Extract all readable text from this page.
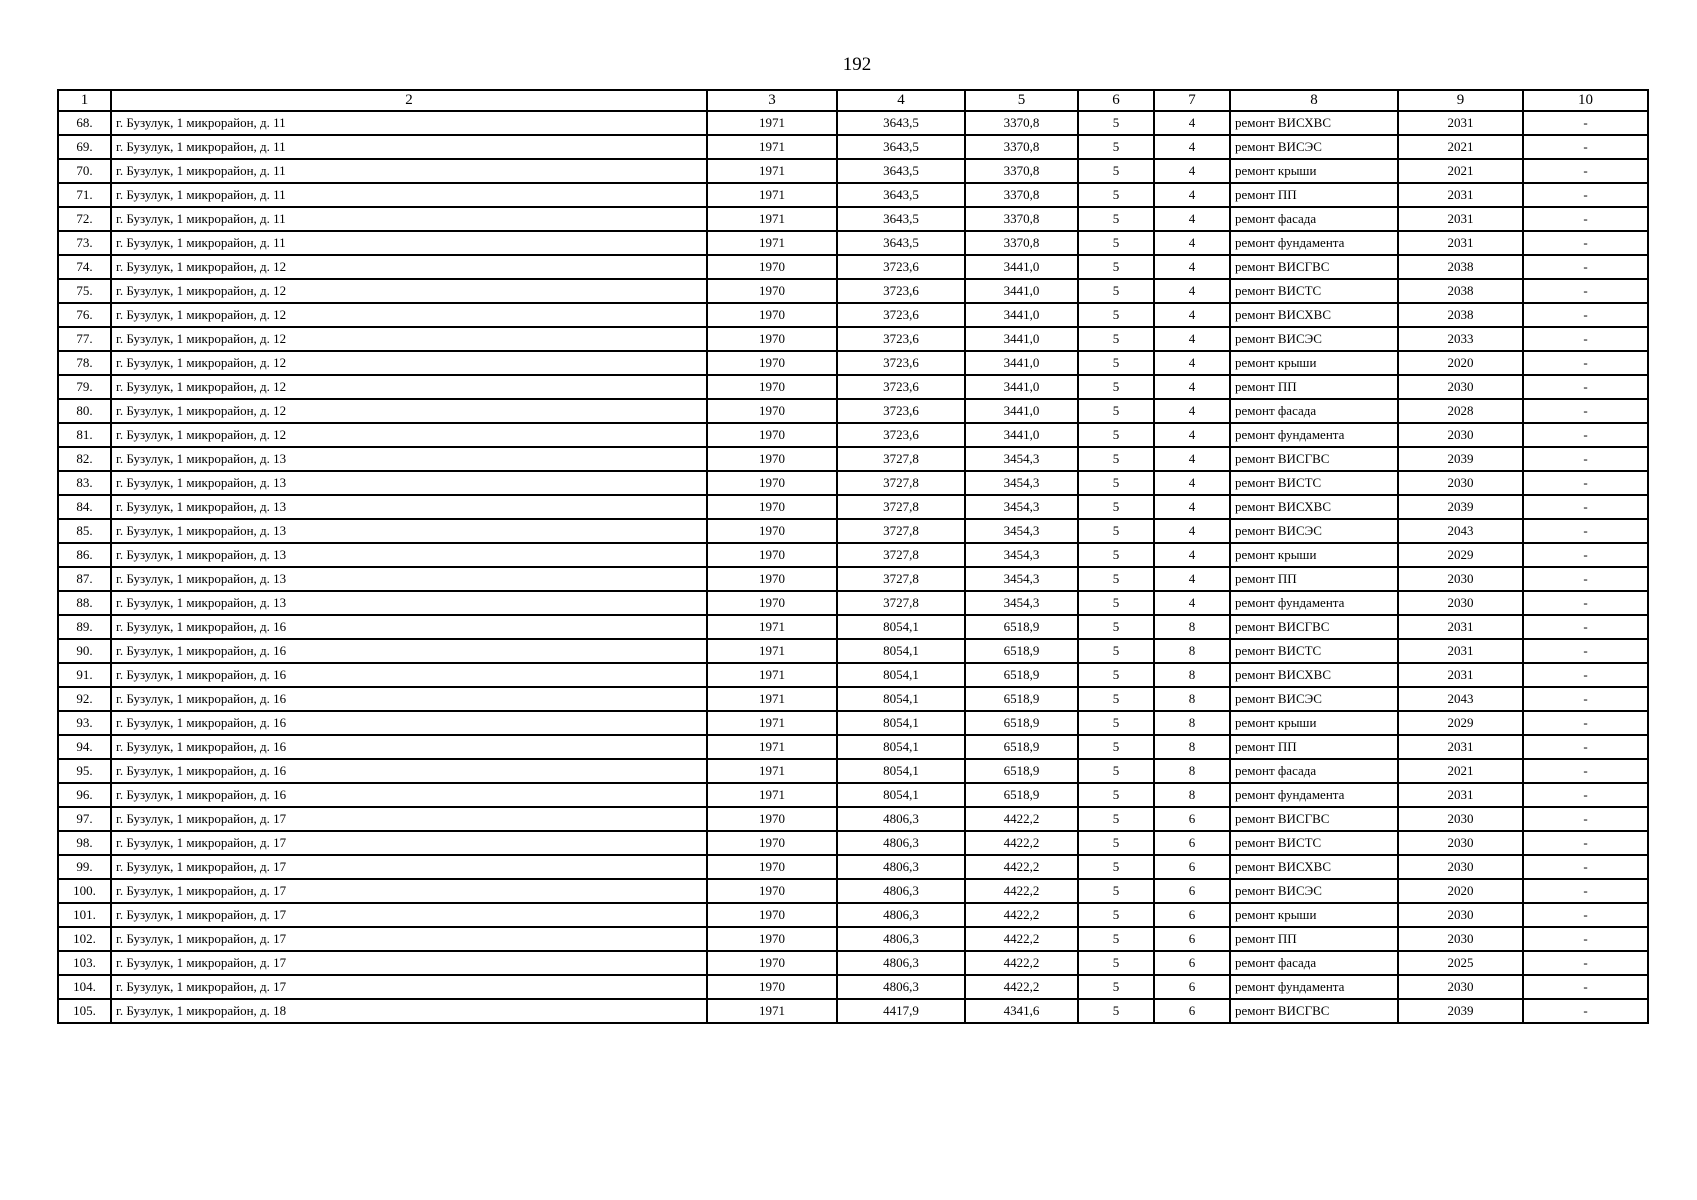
192
1	2	3	4	5	6	7	8	9	10
68.	г. Бузулук, 1 микрорайон, д. 11	1971	3643,5	3370,8	5	4	ремонт ВИСХВС	2031	-
69.	г. Бузулук, 1 микрорайон, д. 11	1971	3643,5	3370,8	5	4	ремонт ВИСЭС	2021	-
70.	г. Бузулук, 1 микрорайон, д. 11	1971	3643,5	3370,8	5	4	ремонт крыши	2021	-
71.	г. Бузулук, 1 микрорайон, д. 11	1971	3643,5	3370,8	5	4	ремонт ПП	2031	-
72.	г. Бузулук, 1 микрорайон, д. 11	1971	3643,5	3370,8	5	4	ремонт фасада	2031	-
73.	г. Бузулук, 1 микрорайон, д. 11	1971	3643,5	3370,8	5	4	ремонт фундамента	2031	-
74.	г. Бузулук, 1 микрорайон, д. 12	1970	3723,6	3441,0	5	4	ремонт ВИСГВС	2038	-
75.	г. Бузулук, 1 микрорайон, д. 12	1970	3723,6	3441,0	5	4	ремонт ВИСТС	2038	-
76.	г. Бузулук, 1 микрорайон, д. 12	1970	3723,6	3441,0	5	4	ремонт ВИСХВС	2038	-
77.	г. Бузулук, 1 микрорайон, д. 12	1970	3723,6	3441,0	5	4	ремонт ВИСЭС	2033	-
78.	г. Бузулук, 1 микрорайон, д. 12	1970	3723,6	3441,0	5	4	ремонт крыши	2020	-
79.	г. Бузулук, 1 микрорайон, д. 12	1970	3723,6	3441,0	5	4	ремонт ПП	2030	-
80.	г. Бузулук, 1 микрорайон, д. 12	1970	3723,6	3441,0	5	4	ремонт фасада	2028	-
81.	г. Бузулук, 1 микрорайон, д. 12	1970	3723,6	3441,0	5	4	ремонт фундамента	2030	-
82.	г. Бузулук, 1 микрорайон, д. 13	1970	3727,8	3454,3	5	4	ремонт ВИСГВС	2039	-
83.	г. Бузулук, 1 микрорайон, д. 13	1970	3727,8	3454,3	5	4	ремонт ВИСТС	2030	-
84.	г. Бузулук, 1 микрорайон, д. 13	1970	3727,8	3454,3	5	4	ремонт ВИСХВС	2039	-
85.	г. Бузулук, 1 микрорайон, д. 13	1970	3727,8	3454,3	5	4	ремонт ВИСЭС	2043	-
86.	г. Бузулук, 1 микрорайон, д. 13	1970	3727,8	3454,3	5	4	ремонт крыши	2029	-
87.	г. Бузулук, 1 микрорайон, д. 13	1970	3727,8	3454,3	5	4	ремонт ПП	2030	-
88.	г. Бузулук, 1 микрорайон, д. 13	1970	3727,8	3454,3	5	4	ремонт фундамента	2030	-
89.	г. Бузулук, 1 микрорайон, д. 16	1971	8054,1	6518,9	5	8	ремонт ВИСГВС	2031	-
90.	г. Бузулук, 1 микрорайон, д. 16	1971	8054,1	6518,9	5	8	ремонт ВИСТС	2031	-
91.	г. Бузулук, 1 микрорайон, д. 16	1971	8054,1	6518,9	5	8	ремонт ВИСХВС	2031	-
92.	г. Бузулук, 1 микрорайон, д. 16	1971	8054,1	6518,9	5	8	ремонт ВИСЭС	2043	-
93.	г. Бузулук, 1 микрорайон, д. 16	1971	8054,1	6518,9	5	8	ремонт крыши	2029	-
94.	г. Бузулук, 1 микрорайон, д. 16	1971	8054,1	6518,9	5	8	ремонт ПП	2031	-
95.	г. Бузулук, 1 микрорайон, д. 16	1971	8054,1	6518,9	5	8	ремонт фасада	2021	-
96.	г. Бузулук, 1 микрорайон, д. 16	1971	8054,1	6518,9	5	8	ремонт фундамента	2031	-
97.	г. Бузулук, 1 микрорайон, д. 17	1970	4806,3	4422,2	5	6	ремонт ВИСГВС	2030	-
98.	г. Бузулук, 1 микрорайон, д. 17	1970	4806,3	4422,2	5	6	ремонт ВИСТС	2030	-
99.	г. Бузулук, 1 микрорайон, д. 17	1970	4806,3	4422,2	5	6	ремонт ВИСХВС	2030	-
100.	г. Бузулук, 1 микрорайон, д. 17	1970	4806,3	4422,2	5	6	ремонт ВИСЭС	2020	-
101.	г. Бузулук, 1 микрорайон, д. 17	1970	4806,3	4422,2	5	6	ремонт крыши	2030	-
102.	г. Бузулук, 1 микрорайон, д. 17	1970	4806,3	4422,2	5	6	ремонт ПП	2030	-
103.	г. Бузулук, 1 микрорайон, д. 17	1970	4806,3	4422,2	5	6	ремонт фасада	2025	-
104.	г. Бузулук, 1 микрорайон, д. 17	1970	4806,3	4422,2	5	6	ремонт фундамента	2030	-
105.	г. Бузулук, 1 микрорайон, д. 18	1971	4417,9	4341,6	5	6	ремонт ВИСГВС	2039	-
